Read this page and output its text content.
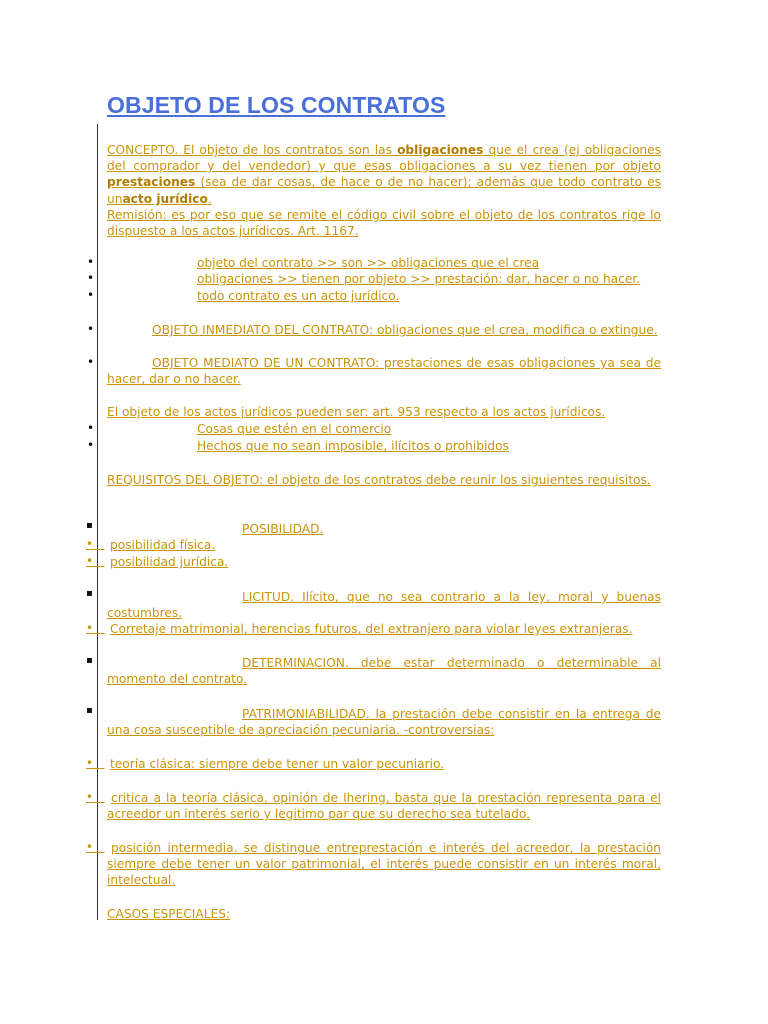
OBJETO DE LOS CONTRATOS

CONCEPTO. El objeto de los contratos son las obligaciones que el crea (ej obligaciones del comprador y del vendedor) y que esas obligaciones a su vez tienen por objeto prestaciones (sea de dar cosas, de hace o de no hacer); además que todo contrato es unacto jurídico.

Remisión: es por eso que se remite el código civil sobre el objeto de los contratos rige lo dispuesto a los actos jurídicos. Art. 1167.

•	objeto del contrato >> son >> obligaciones que el crea
•	obligaciones >> tienen por objeto >> prestación: dar, hacer o no hacer.
•	todo contrato es un acto jurídico.
•	OBJETO INMEDIATO DEL CONTRATO: obligaciones que el crea, modifica o extingue.
•	OBJETO MEDIATO DE UN CONTRATO: prestaciones de esas obligaciones ya sea de hacer, dar o no hacer.
El objeto de los actos jurídicos pueden ser: art. 953 respecto a los actos jurídicos.
•	Cosas que estén en el comercio
•	Hechos que no sean imposible, ilícitos o prohibidos
REQUISITOS DEL OBJETO: el objeto de los contratos debe reunir los siguientes requisitos.
▪	POSIBILIDAD.
• posibilidad física.
• posibilidad jurídica.
▪	LICITUD. Ilícito, que no sea contrario a la ley, moral y buenas costumbres.
• Corretaje matrimonial, herencias futuros, del extranjero para violar leyes extranjeras.
▪	DETERMINACION. debe estar determinado o determinable al momento del contrato.
▪	PATRIMONIABILIDAD. la prestación debe consistir en la entrega de una cosa susceptible de apreciación pecuniaria. -controversias:
• teoría clásica: siempre debe tener un valor pecuniario.
• critica a la teoría clásica, opinión de Ihering, basta que la prestación representa para el acreedor un interés serio y legitimo par que su derecho sea tutelado.
• posición intermedia. se distingue entreprestación e interés del acreedor, la prestación siempre debe tener un valor patrimonial, el interés puede consistir en un interés moral, intelectual.
CASOS ESPECIALES:
